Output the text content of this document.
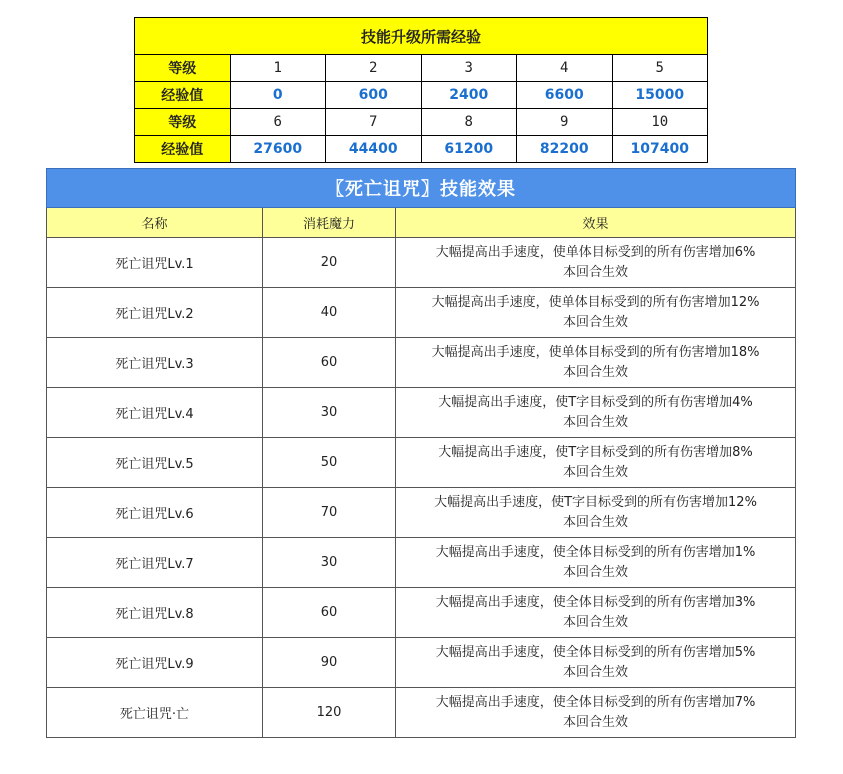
技能升级所需经验					
等级	1	2	3	4	5
经验值	0	600	2400	6600	15000
等级	6	7	8	9	10
经验值	27600	44400	61200	82200	107400
〖死亡诅咒〗技能效果		
名称	消耗魔力	效果
死亡诅咒Lv.1	20	大幅提高出手速度，使单体目标受到的所有伤害增加6%
本回合生效

死亡诅咒Lv.2	40	大幅提高出手速度，使单体目标受到的所有伤害增加12%
本回合生效

死亡诅咒Lv.3	60	大幅提高出手速度，使单体目标受到的所有伤害增加18%
本回合生效

死亡诅咒Lv.4	30	大幅提高出手速度，使T字目标受到的所有伤害增加4%
本回合生效

死亡诅咒Lv.5	50	大幅提高出手速度，使T字目标受到的所有伤害增加8%
本回合生效

死亡诅咒Lv.6	70	大幅提高出手速度，使T字目标受到的所有伤害增加12%
本回合生效

死亡诅咒Lv.7	30	大幅提高出手速度，使全体目标受到的所有伤害增加1%
本回合生效

死亡诅咒Lv.8	60	大幅提高出手速度，使全体目标受到的所有伤害增加3%
本回合生效

死亡诅咒Lv.9	90	大幅提高出手速度，使全体目标受到的所有伤害增加5%
本回合生效

死亡诅咒·亡	120	大幅提高出手速度，使全体目标受到的所有伤害增加7%
本回合生效
